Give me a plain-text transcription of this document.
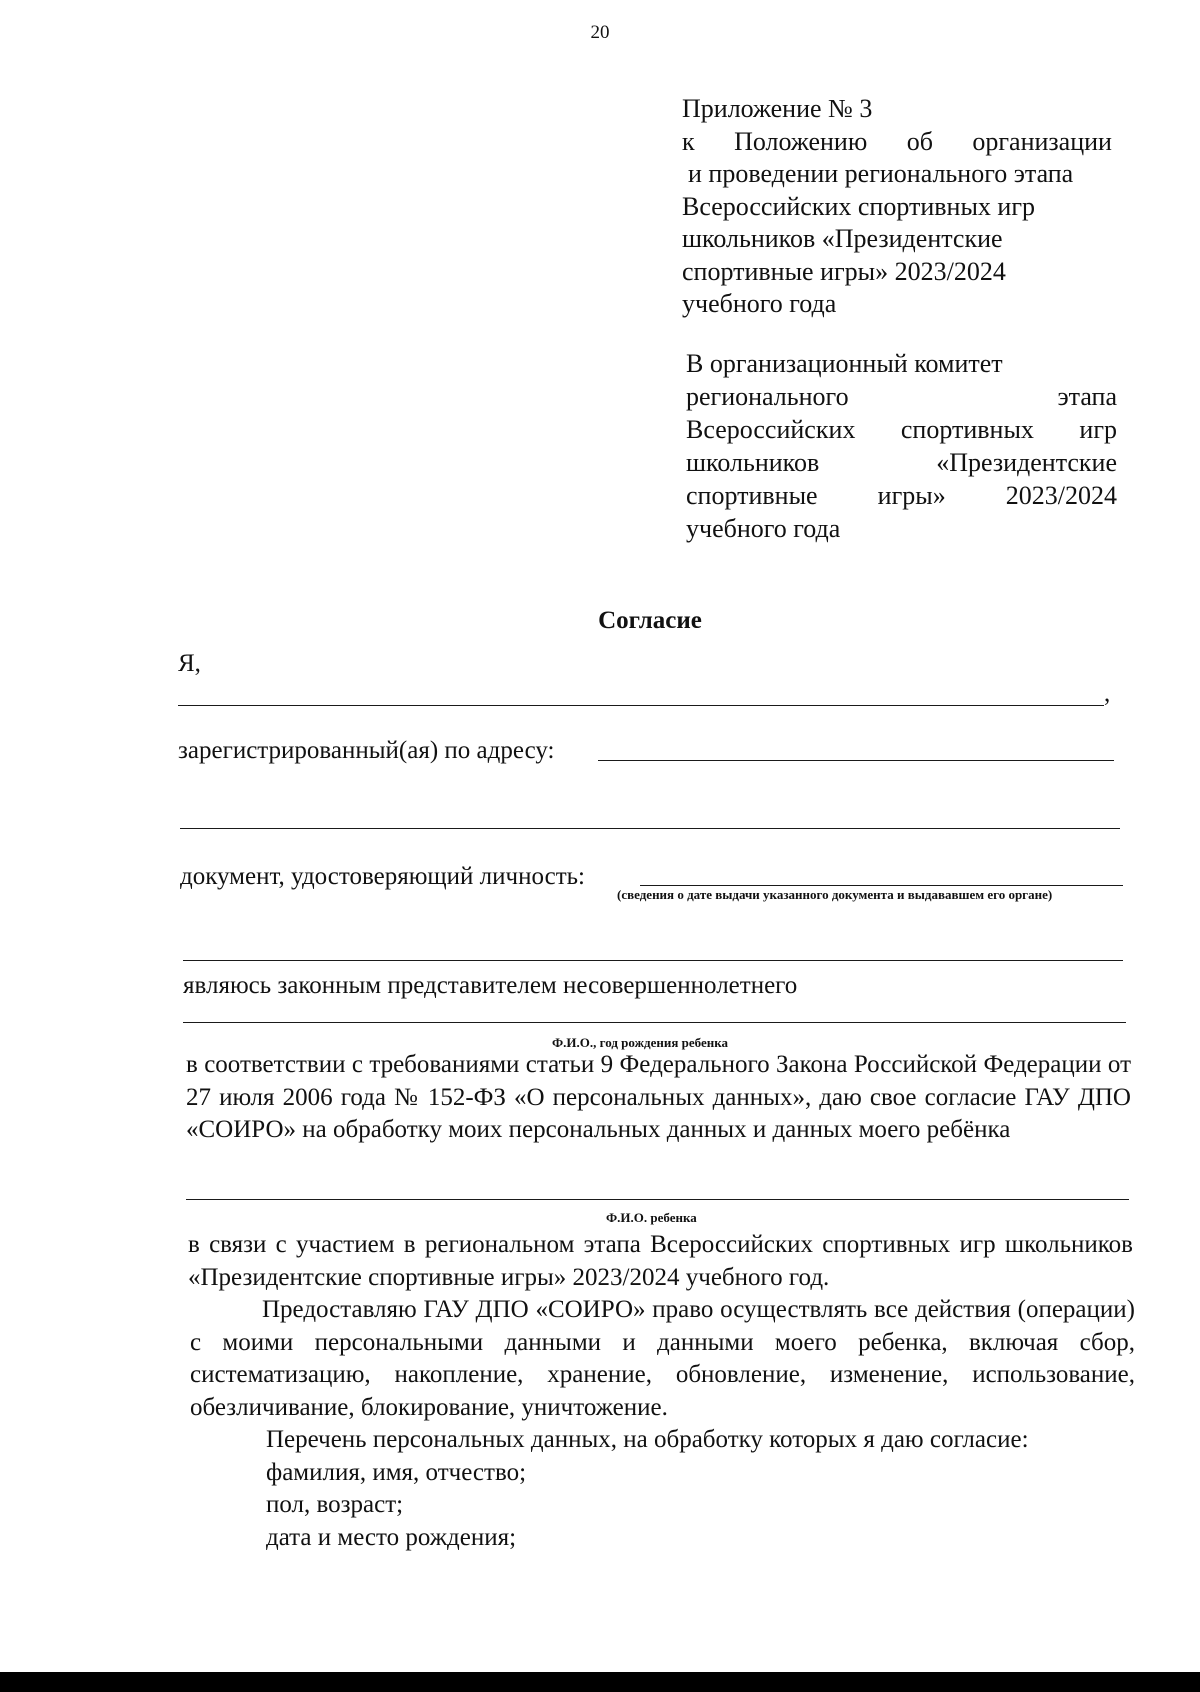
20
Приложение № 3
к Положению об организации
и проведении регионального этапа
Всероссийских спортивных игр
школьников «Президентские
спортивные игры» 2023/2024
учебного года
В организационный комитет
регионального	этапа
Всероссийских спортивных игр
школьников	«Президентские
спортивные игры» 2023/2024
учебного года
Согласие
Я,
,
зарегистрированный(ая) по адресу:
документ, удостоверяющий личность:
(сведения о дате выдачи указанного документа и выдававшем его органе)
являюсь законным представителем несовершеннолетнего
Ф.И.О., год рождения ребенка
в соответствии с требованиями статьи 9 Федерального Закона Российской Федерации от 27 июля 2006 года № 152-ФЗ «О персональных данных», даю свое согласие ГАУ ДПО «СОИРО» на обработку моих персональных данных и данных моего ребёнка
Ф.И.О. ребенка
в связи с участием в региональном этапа Всероссийских спортивных игр школьников «Президентские спортивные игры» 2023/2024 учебного год.
Предоставляю ГАУ ДПО «СОИРО» право осуществлять все действия (операции) с моими персональными данными и данными моего ребенка, включая сбор, систематизацию, накопление, хранение, обновление, изменение, использование, обезличивание, блокирование, уничтожение.
Перечень персональных данных, на обработку которых я даю согласие:
фамилия, имя, отчество;
пол, возраст;
дата и место рождения;
